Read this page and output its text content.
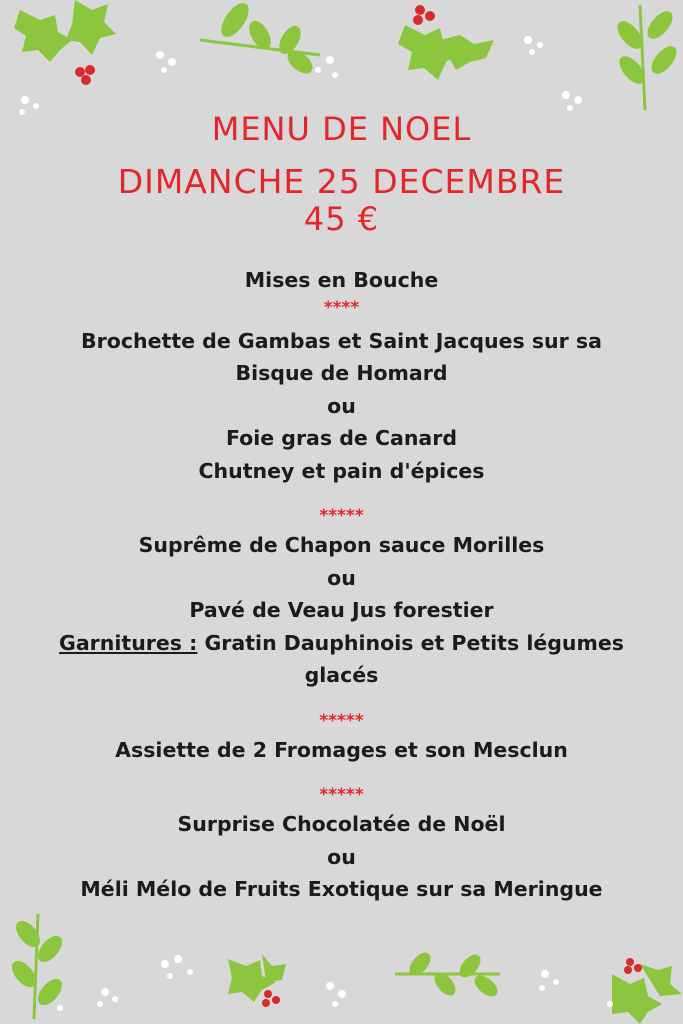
MENU DE NOEL
DIMANCHE 25 DECEMBRE
45 €
Mises en Bouche
****
Brochette de Gambas et Saint Jacques sur sa
Bisque de Homard
ou
Foie gras de Canard
Chutney et pain d'épices
*****
Suprême de Chapon sauce Morilles
ou
Pavé de Veau Jus forestier
Garnitures : Gratin Dauphinois et Petits légumes
glacés
*****
Assiette de 2 Fromages et son Mesclun
*****
Surprise Chocolatée de Noël
ou
Méli Mélo de Fruits Exotique sur sa Meringue
